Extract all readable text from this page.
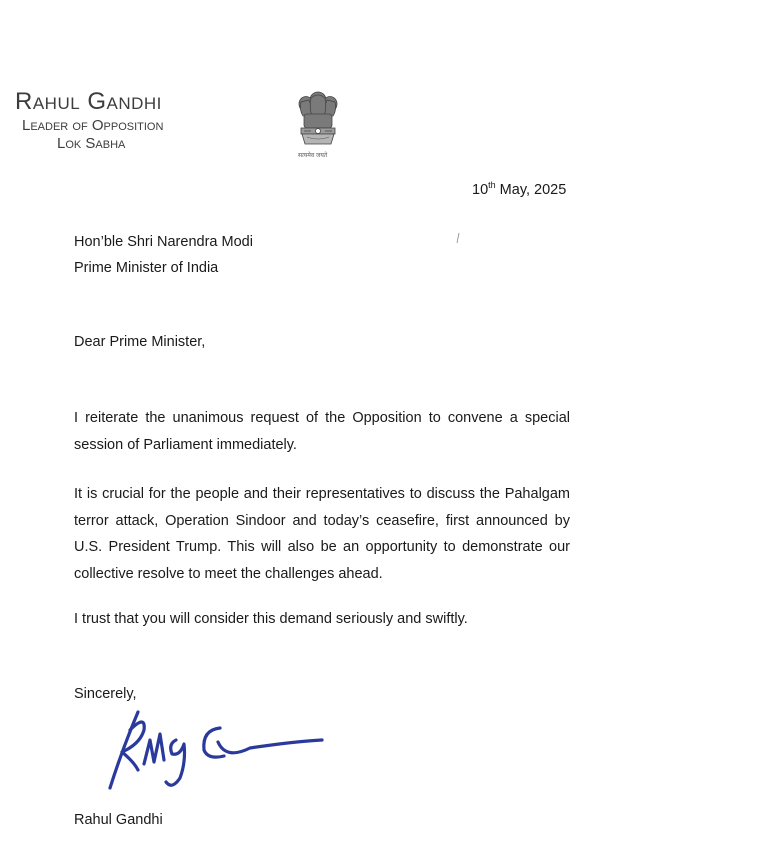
Rahul Gandhi
Leader of Opposition
Lok Sabha
सत्यमेव जयते
10th May, 2025
Hon’ble Shri Narendra Modi
Prime Minister of India
Dear Prime Minister,
I reiterate the unanimous request of the Opposition to convene a special session of Parliament immediately.
It is crucial for the people and their representatives to discuss the Pahalgam terror attack, Operation Sindoor and today’s ceasefire, first announced by U.S. President Trump. This will also be an opportunity to demonstrate our collective resolve to meet the challenges ahead.
I trust that you will consider this demand seriously and swiftly.
Sincerely,
Rahul Gandhi
